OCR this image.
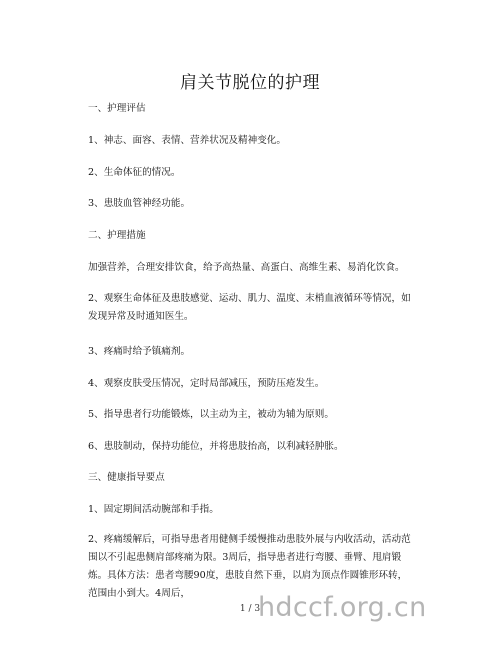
肩关节脱位的护理
一、护理评估
1、神志、面容、表情、营养状况及精神变化。
2、生命体征的情况。
3、患肢血管神经功能。
二、护理措施
加强营养，合理安排饮食，给予高热量、高蛋白、高维生素、易消化饮食。
2、观察生命体征及患肢感觉、运动、肌力、温度、末梢血液循环等情况，如发现异常及时通知医生。
3、疼痛时给予镇痛剂。
4、观察皮肤受压情况，定时局部减压，预防压疮发生。
5、指导患者行功能锻炼，以主动为主，被动为辅为原则。
6、患肢制动，保持功能位，并将患肢抬高，以利减轻肿胀。
三、健康指导要点
1、固定期间活动腕部和手指。
2、疼痛缓解后，可指导患者用健侧手缓慢推动患肢外展与内收活动，活动范围以不引起患侧肩部疼痛为限。3周后，指导患者进行弯腰、垂臂、甩肩锻炼。具体方法：患者弯腰90度，患肢自然下垂，以肩为顶点作圆锥形环转，范围由小到大。4周后，
1 / 3
hdccf.org.cn
